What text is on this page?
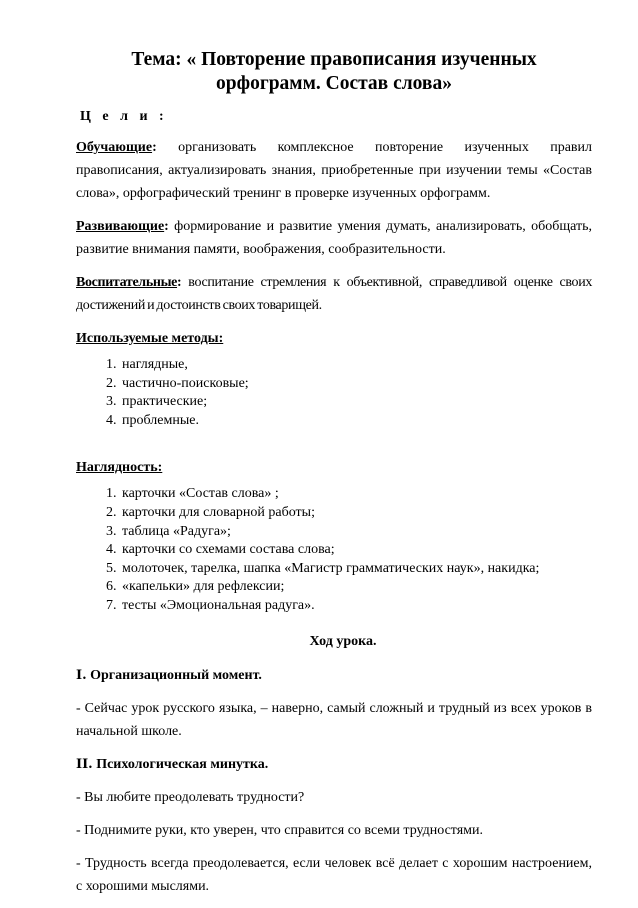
Тема: « Повторение правописания изученных орфограмм. Состав слова»
Ц е л и :

Обучающие: организовать комплексное повторение изученных правил правописания, актуализировать знания, приобретенные при изучении темы «Состав слова», орфографический тренинг в проверке изученных орфограмм.

Развивающие: формирование и развитие умения думать, анализировать, обобщать, развитие внимания памяти, воображения, сообразительности.

Воспитательные: воспитание стремления к объективной, справедливой оценке своих достижений и достоинств своих товарищей.

Используемые методы:
1. наглядные,
2. частично-поисковые;
3. практические;
4. проблемные.
Наглядность:
1. карточки «Состав слова» ;
2. карточки для словарной работы;
3. таблица «Радуга»;
4. карточки со схемами состава слова;
5. молоточек, тарелка, шапка «Магистр грамматических наук», накидка;
6. «капельки» для рефлексии;
7. тесты «Эмоциональная радуга».
Ход урока.
I. Организационный момент.

- Сейчас урок русского языка, – наверно, самый сложный и трудный из всех уроков в начальной школе.

II. Психологическая минутка.

- Вы любите преодолевать трудности?

- Поднимите руки, кто уверен, что справится со всеми трудностями.

- Трудность всегда преодолевается, если человек всё делает с хорошим настроением, с хорошими мыслями.
